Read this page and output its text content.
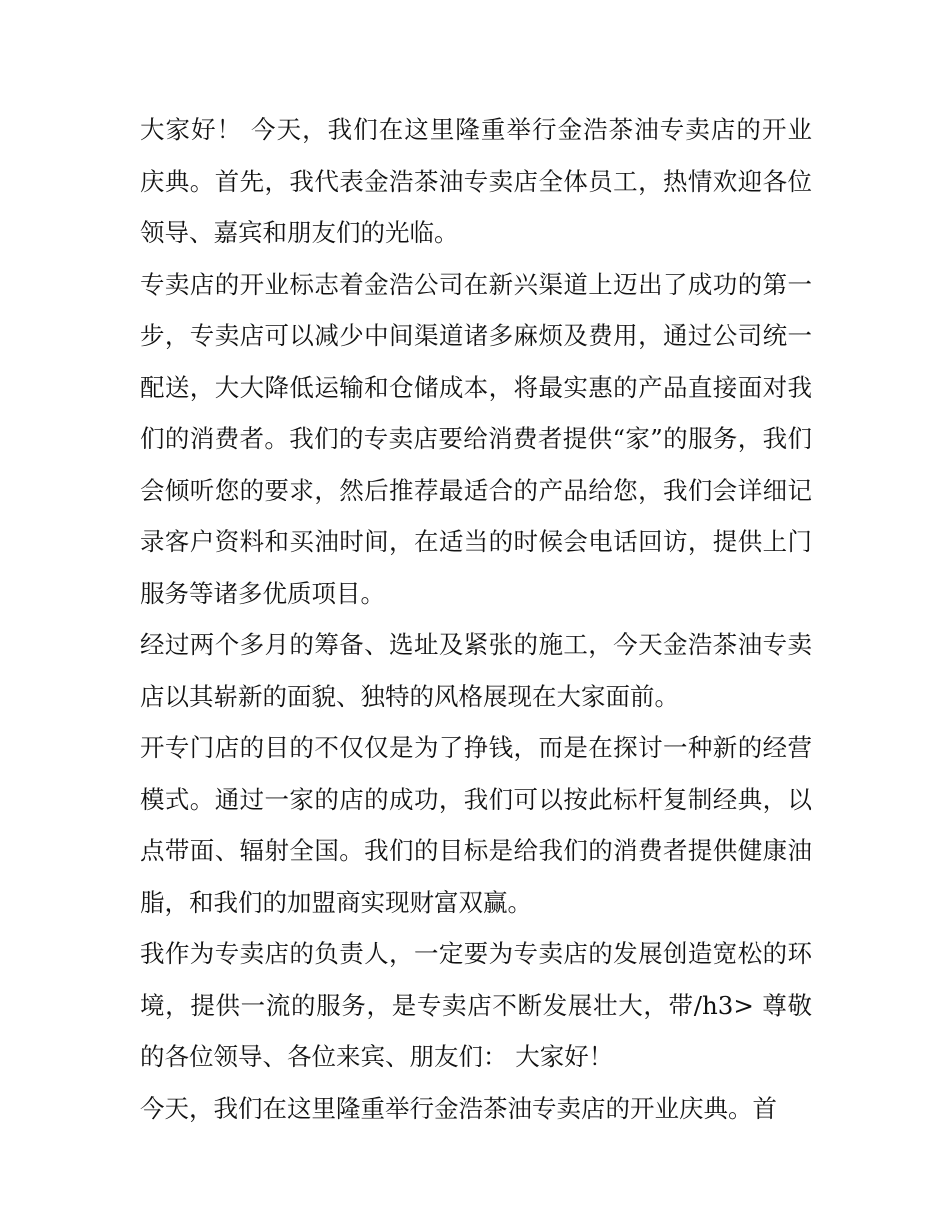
大家好！ 今天，我们在这里隆重举行金浩茶油专卖店的开业
庆典。首先，我代表金浩茶油专卖店全体员工，热情欢迎各位
领导、嘉宾和朋友们的光临。
专卖店的开业标志着金浩公司在新兴渠道上迈出了成功的第一
步，专卖店可以减少中间渠道诸多麻烦及费用，通过公司统一
配送，大大降低运输和仓储成本，将最实惠的产品直接面对我
们的消费者。我们的专卖店要给消费者提供“家”的服务，我们
会倾听您的要求，然后推荐最适合的产品给您，我们会详细记
录客户资料和买油时间，在适当的时候会电话回访，提供上门
服务等诸多优质项目。
经过两个多月的筹备、选址及紧张的施工，今天金浩茶油专卖
店以其崭新的面貌、独特的风格展现在大家面前。
开专门店的目的不仅仅是为了挣钱，而是在探讨一种新的经营
模式。通过一家的店的成功，我们可以按此标杆复制经典，以
点带面、辐射全国。我们的目标是给我们的消费者提供健康油
脂，和我们的加盟商实现财富双赢。
我作为专卖店的负责人，一定要为专卖店的发展创造宽松的环
境，提供一流的服务，是专卖店不断发展壮大，带/h3> 尊敬
的各位领导、各位来宾、朋友们： 大家好！
今天，我们在这里隆重举行金浩茶油专卖店的开业庆典。首
